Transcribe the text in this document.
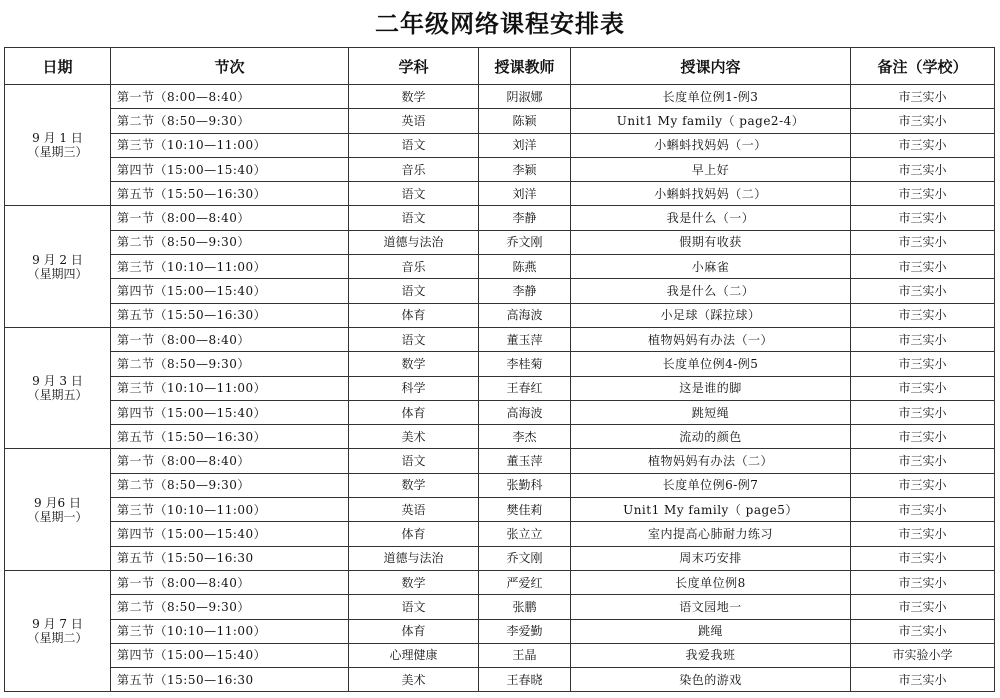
二年级网络课程安排表
日期	节次	学科	授课教师	授课内容	备注（学校）

9 月 1 日
（星期三）	第一节（8:00—8:40）	数学	阴淑娜	长度单位例1-例3	市三实小
	第二节（8:50—9:30）	英语	陈颖	Unit1 My family（ page2-4）	市三实小
	第三节（10:10—11:00）	语文	刘洋	小蝌蚪找妈妈（一）	市三实小
	第四节（15:00—15:40）	音乐	李颖	早上好	市三实小
	第五节（15:50—16:30）	语文	刘洋	小蝌蚪找妈妈（二）	市三实小

9 月 2 日
（星期四）	第一节（8:00—8:40）	语文	李静	我是什么（一）	市三实小
	第二节（8:50—9:30）	道德与法治	乔文刚	假期有收获	市三实小
	第三节（10:10—11:00）	音乐	陈燕	小麻雀	市三实小
	第四节（15:00—15:40）	语文	李静	我是什么（二）	市三实小
	第五节（15:50—16:30）	体育	高海波	小足球（踩拉球）	市三实小

9 月 3 日
（星期五）	第一节（8:00—8:40）	语文	董玉萍	植物妈妈有办法（一）	市三实小
	第二节（8:50—9:30）	数学	李桂菊	长度单位例4-例5	市三实小
	第三节（10:10—11:00）	科学	王春红	这是谁的脚	市三实小
	第四节（15:00—15:40）	体育	高海波	跳短绳	市三实小
	第五节（15:50—16:30）	美术	李杰	流动的颜色	市三实小

9 月6 日
（星期一）	第一节（8:00—8:40）	语文	董玉萍	植物妈妈有办法（二）	市三实小
	第二节（8:50—9:30）	数学	张勤科	长度单位例6-例7	市三实小
	第三节（10:10—11:00）	英语	樊佳莉	Unit1 My family（ page5）	市三实小
	第四节（15:00—15:40）	体育	张立立	室内提高心肺耐力练习	市三实小
	第五节（15:50—16:30	道德与法治	乔文刚	周末巧安排	市三实小

9 月 7 日
（星期二）	第一节（8:00—8:40）	数学	严爱红	长度单位例8	市三实小
	第二节（8:50—9:30）	语文	张鹏	语文园地一	市三实小
	第三节（10:10—11:00）	体育	李爱勤	跳绳	市三实小
	第四节（15:00—15:40）	心理健康	王晶	我爱我班	市实验小学
	第五节（15:50—16:30	美术	王春晓	染色的游戏	市三实小
